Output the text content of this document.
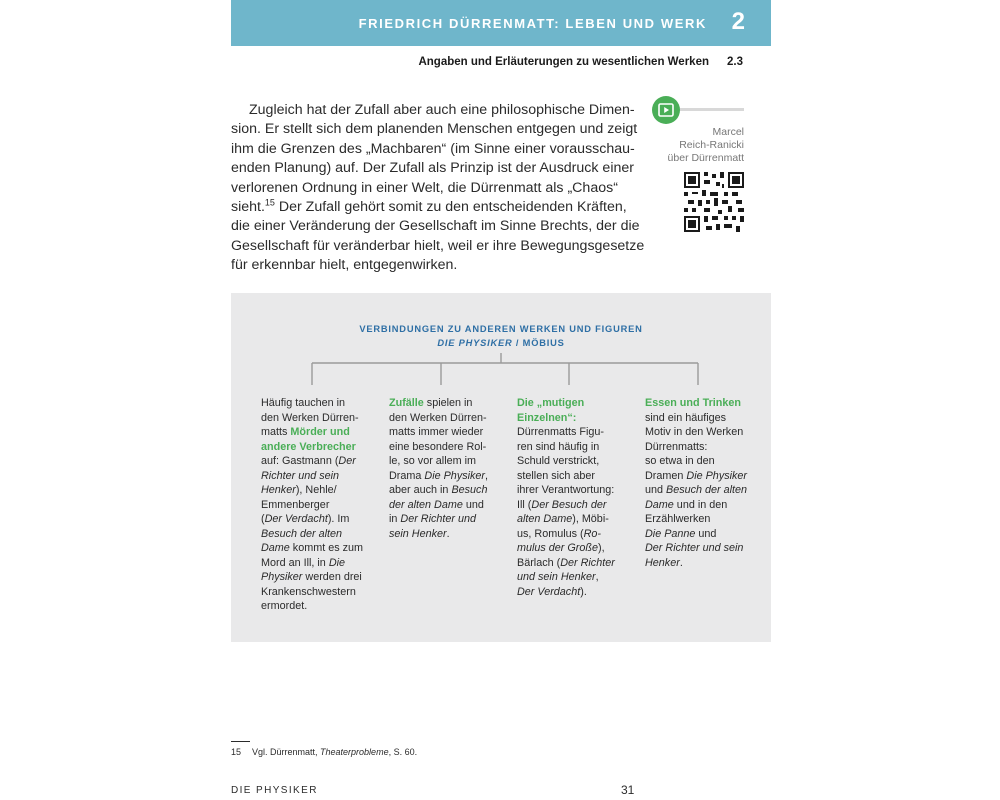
FRIEDRICH DÜRRENMATT: LEBEN UND WERK 2
Angaben und Erläuterungen zu wesentlichen Werken 2.3

Zugleich hat der Zufall aber auch eine philosophische Dimen-
sion. Er stellt sich dem planenden Menschen entgegen und zeigt
ihm die Grenzen des „Machbaren“ (im Sinne einer vorausschau-
enden Planung) auf. Der Zufall als Prinzip ist der Ausdruck einer
verlorenen Ordnung in einer Welt, die Dürrenmatt als „Chaos“
sieht.$^{15}$ Der Zufall gehört somit zu den entscheidenden Kräften,
die einer Veränderung der Gesellschaft im Sinne Brechts, der die
Gesellschaft für veränderbar hielt, weil er ihre Bewegungsgesetze
für erkennbar hielt, entgegenwirken.

Marcel
Reich-Ranicki
über Dürrenmatt
VERBINDUNGEN ZU ANDEREN WERKEN UND FIGUREN
DIE PHYSIKER / MÖBIUS
Häufig tauchen in
den Werken Dürren-
matts Mörder und
andere Verbrecher
auf: Gastmann (Der
Richter und sein
Henker), Nehle/
Emmenberger
(Der Verdacht). Im
Besuch der alten
Dame kommt es zum
Mord an Ill, in Die
Physiker werden drei
Krankenschwestern
ermordet.
Zufälle spielen in
den Werken Dürren-
matts immer wieder
eine besondere Rol-
le, so vor allem im
Drama Die Physiker,
aber auch in Besuch
der alten Dame und
in Der Richter und
sein Henker.
Die „mutigen
Einzelnen“:
Dürrenmatts Figu-
ren sind häufig in
Schuld verstrickt,
stellen sich aber
ihrer Verantwortung:
Ill (Der Besuch der
alten Dame), Möbi-
us, Romulus (Ro-
mulus der Große),
Bärlach (Der Richter
und sein Henker,
Der Verdacht).
Essen und Trinken
sind ein häufiges
Motiv in den Werken
Dürrenmatts:
so etwa in den
Dramen Die Physiker
und Besuch der alten
Dame und in den
Erzählwerken
Die Panne und
Der Richter und sein
Henker.
15 Vgl. Dürrenmatt, Theaterprobleme, S. 60.
DIE PHYSIKER	31
